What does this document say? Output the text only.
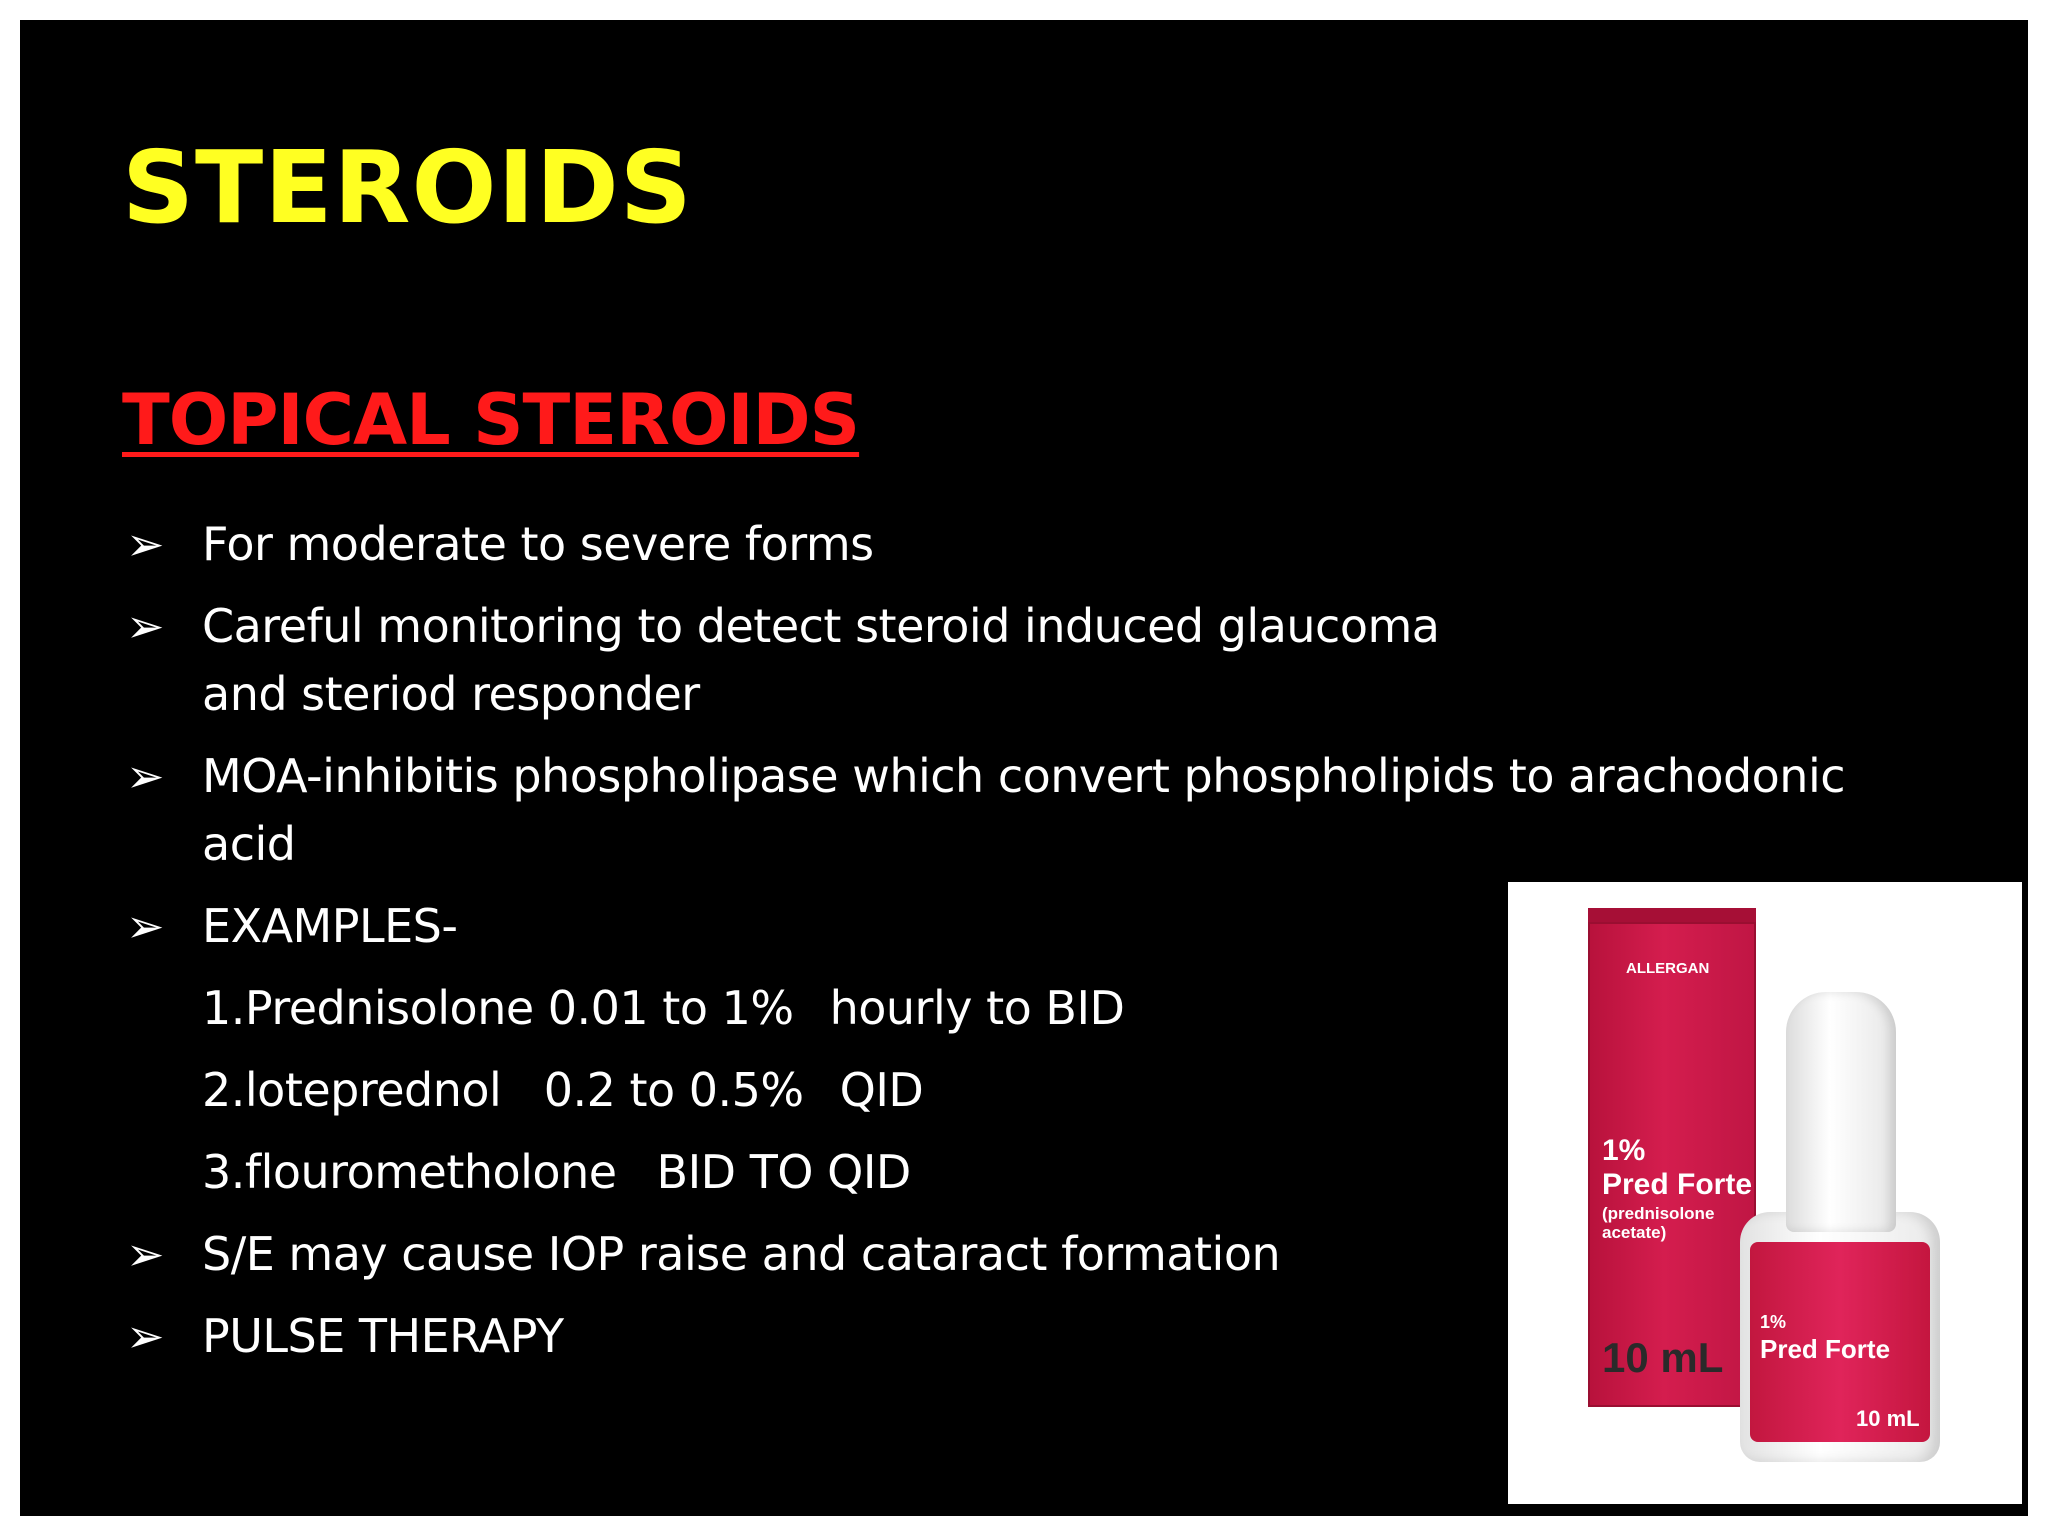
STEROIDS
TOPICAL STEROIDS
➢ For moderate to severe forms
➢ Careful monitoring to detect steroid induced glaucoma and steriod responder
➢ MOA-inhibitis phospholipase which convert phospholipids to arachodonic acid
➢ EXAMPLES-
1.Prednisolone 0.01 to 1% hourly to BID
2.loteprednol   0.2 to 0.5% QID
3.flourometholone BID TO QID
➢ S/E may cause IOP raise and cataract formation
➢ PULSE THERAPY
ALLERGAN
1%
Pred Forte
(prednisolone acetate)
10 mL
1%
Pred Forte
10 mL
